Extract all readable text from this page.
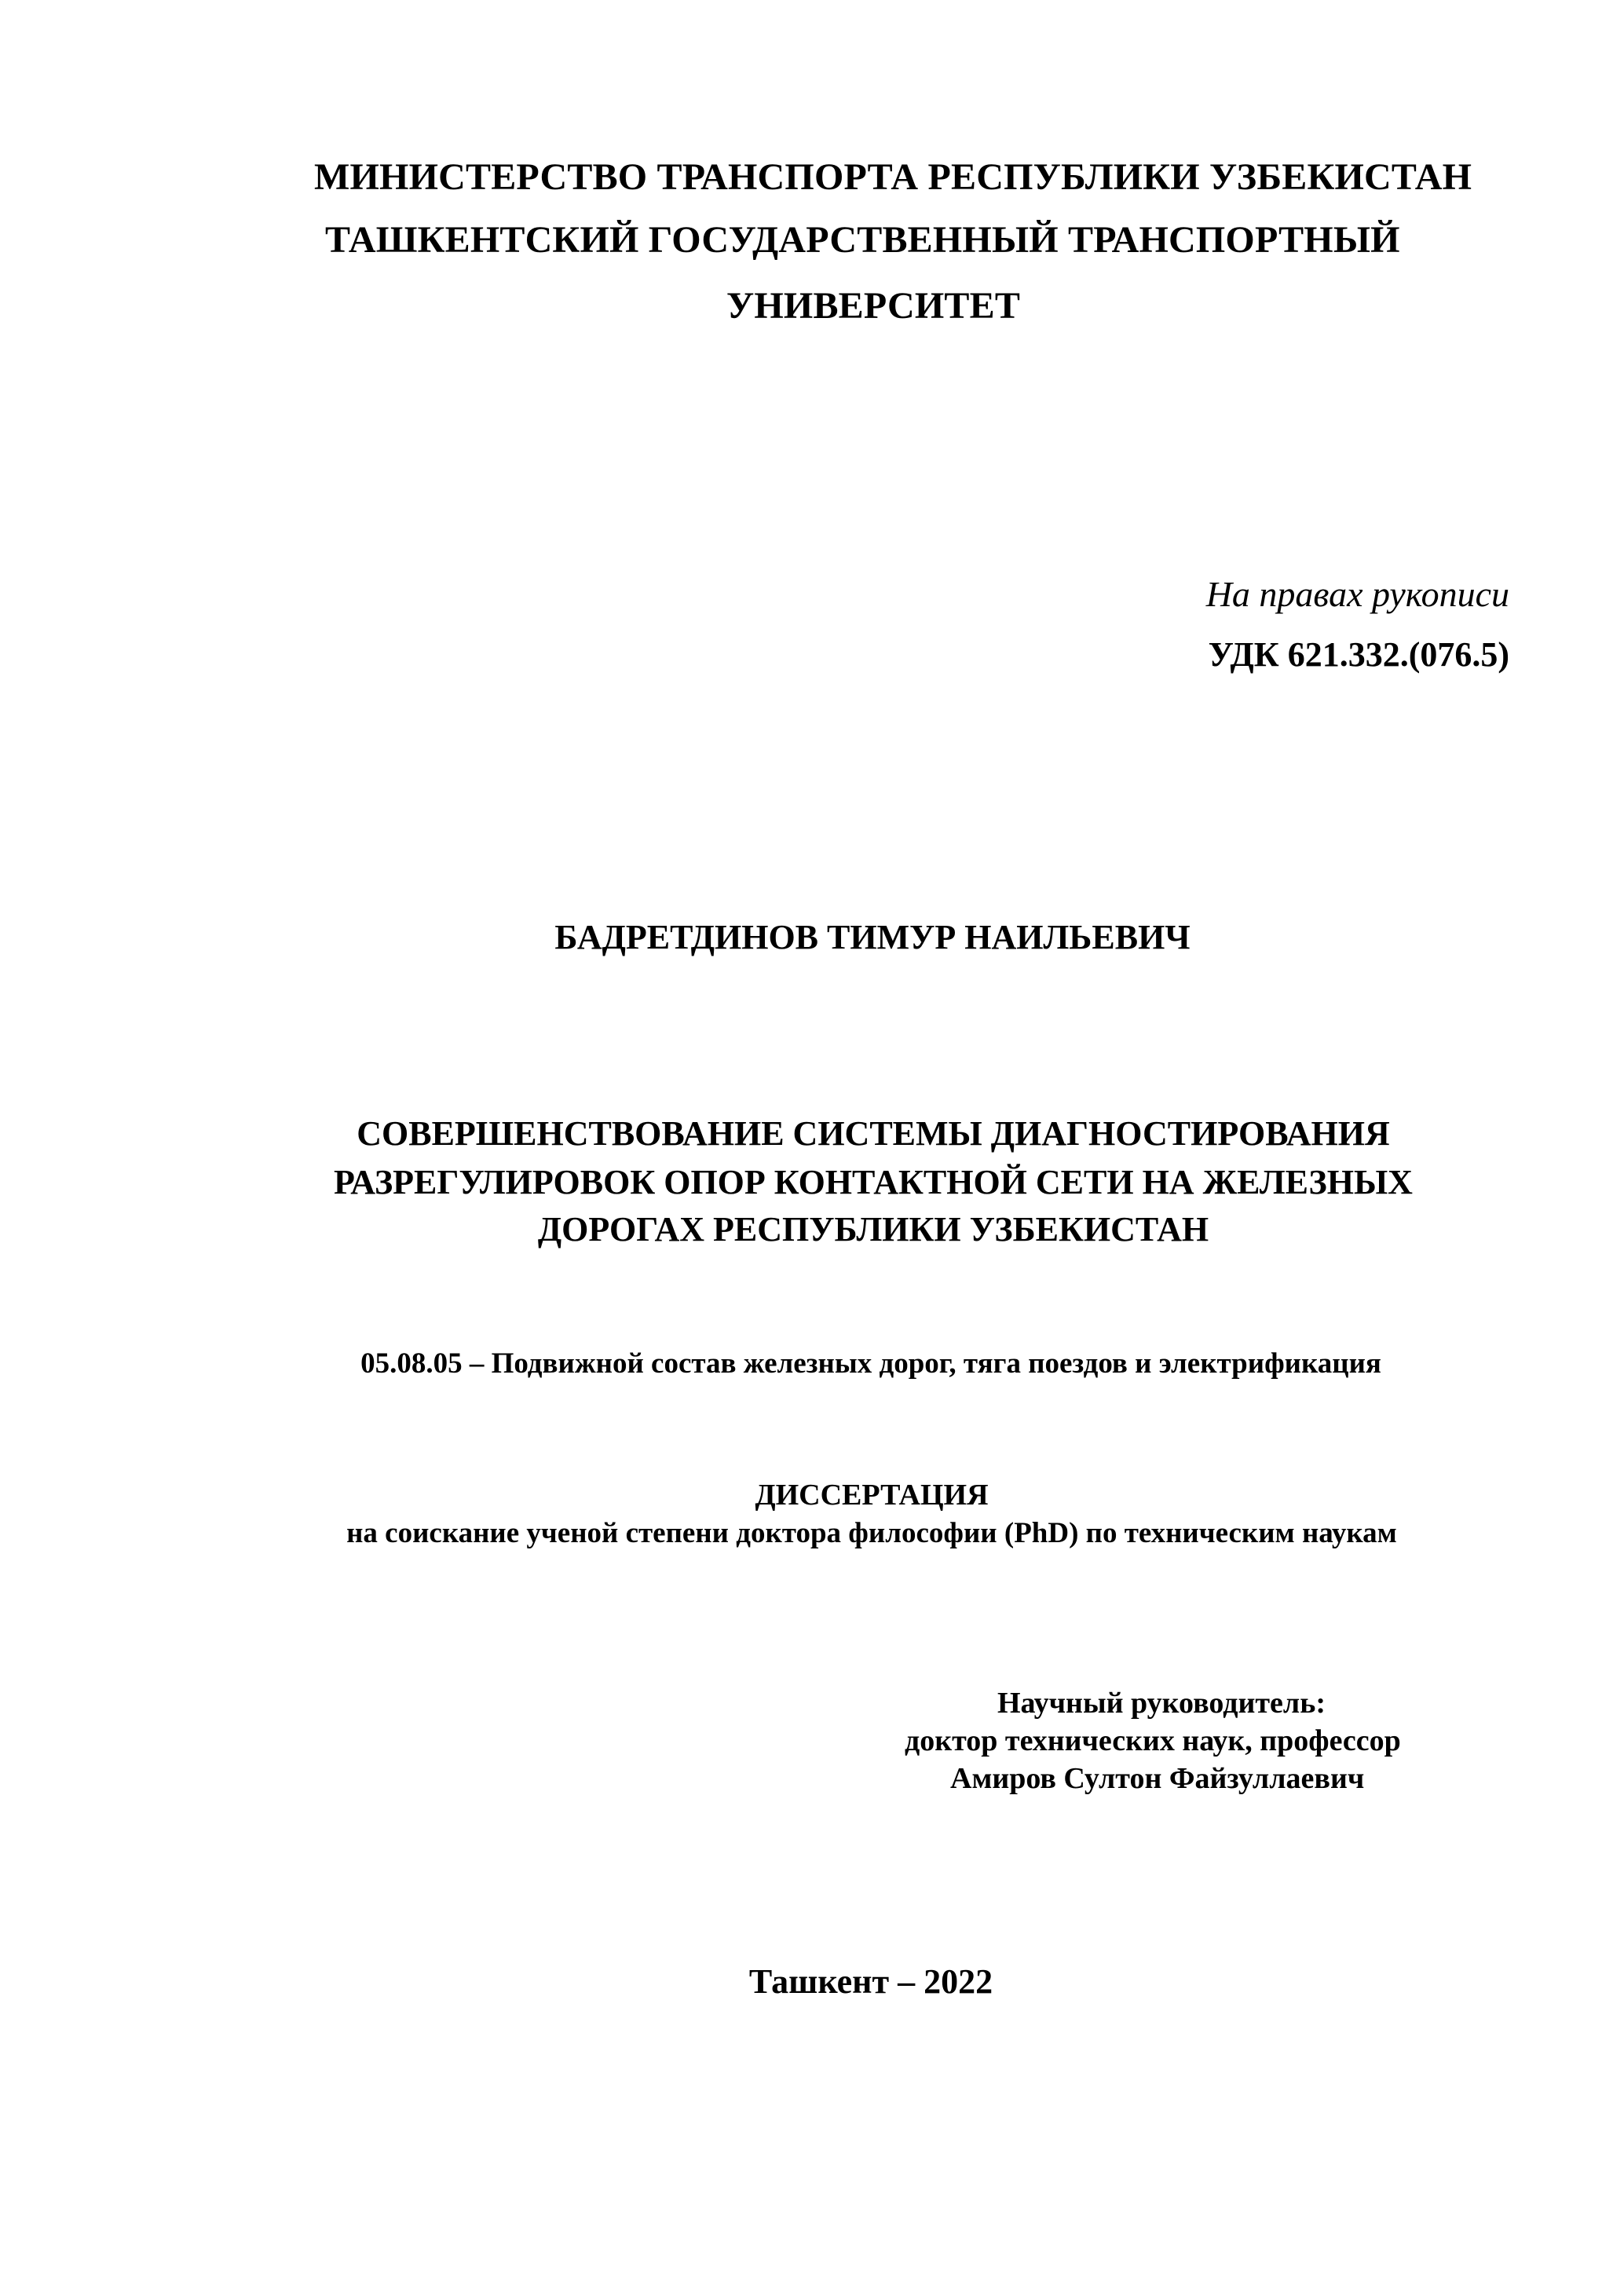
МИНИСТЕРСТВО ТРАНСПОРТА РЕСПУБЛИКИ УЗБЕКИСТАН
ТАШКЕНТСКИЙ ГОСУДАРСТВЕННЫЙ ТРАНСПОРТНЫЙ
УНИВЕРСИТЕТ
На правах рукописи
УДК 621.332.(076.5)
БАДРЕТДИНОВ ТИМУР НАИЛЬЕВИЧ
СОВЕРШЕНСТВОВАНИЕ СИСТЕМЫ ДИАГНОСТИРОВАНИЯ
РАЗРЕГУЛИРОВОК ОПОР КОНТАКТНОЙ СЕТИ НА ЖЕЛЕЗНЫХ
ДОРОГАХ РЕСПУБЛИКИ УЗБЕКИСТАН
05.08.05 – Подвижной состав железных дорог, тяга поездов и электрификация
ДИССЕРТАЦИЯ
на соискание ученой степени доктора философии (PhD) по техническим наукам
Научный руководитель:
доктор технических наук, профессор
Амиров Султон Файзуллаевич
Ташкент – 2022
